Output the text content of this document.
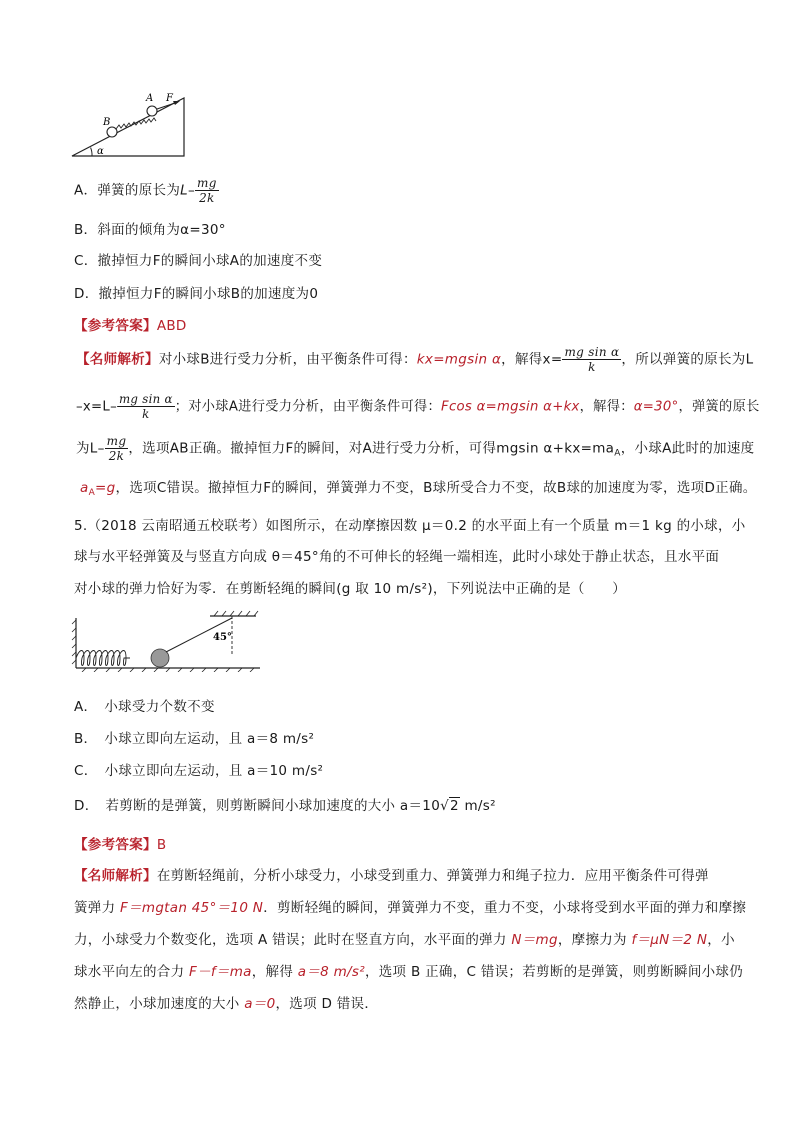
A F
B
α
A．弹簧的原长为$L- \frac{mg}{2k}$
B．斜面的倾角为α=30°
C．撤掉恒力F的瞬间小球A的加速度不变
D．撤掉恒力F的瞬间小球B的加速度为0
【参考答案】ABD
【名师解析】对小球B进行受力分析，由平衡条件可得：kx=mgsin α，解得$x= \frac{\text{mg sin α}}{k}$ ，所以弹簧的原长为L
$-x=L- \frac{\text{mg sin α}}{k}$ ；对小球A进行受力分析，由平衡条件可得：Fcos α=mgsin α+kx，解得：α=30°，弹簧的原长
为$L- \frac{mg}{2k}$ ，选项AB正确。撤掉恒力F的瞬间，对A进行受力分析，可得mgsin $\alpha+kx=ma_A$，小球A此时的加速度
$a_A=g$，选项C错误。撤掉恒力F的瞬间，弹簧弹力不变，B球所受合力不变，故B球的加速度为零，选项D正确。
5.（2018 云南昭通五校联考）如图所示，在动摩擦因数 μ＝0.2 的水平面上有一个质量 m＝1 kg 的小球，小
球与水平轻弹簧及与竖直方向成 θ＝45°角的不可伸长的轻绳一端相连，此时小球处于静止状态，且水平面
对小球的弹力恰好为零．在剪断轻绳的瞬间(g 取 10 m/s²)，下列说法中正确的是（　　）
45°
A．　小球受力个数不变
B．　小球立即向左运动，且 a＝8 m/s²
C．　小球立即向左运动，且 a＝10 m/s²
D．　若剪断的是弹簧，则剪断瞬间小球加速度的大小 a＝10√2 m/s²
【参考答案】B
【名师解析】在剪断轻绳前，分析小球受力，小球受到重力、弹簧弹力和绳子拉力．应用平衡条件可得弹
簧弹力 F＝mgtan 45°＝10 N．剪断轻绳的瞬间，弹簧弹力不变，重力不变，小球将受到水平面的弹力和摩擦
力，小球受力个数变化，选项 A 错误；此时在竖直方向，水平面的弹力 N＝mg，摩擦力为 f＝μN＝2 N，小
球水平向左的合力 F－f＝ma，解得 a＝8 m/s²，选项 B 正确，C 错误；若剪断的是弹簧，则剪断瞬间小球仍
然静止，小球加速度的大小 a＝0，选项 D 错误．
